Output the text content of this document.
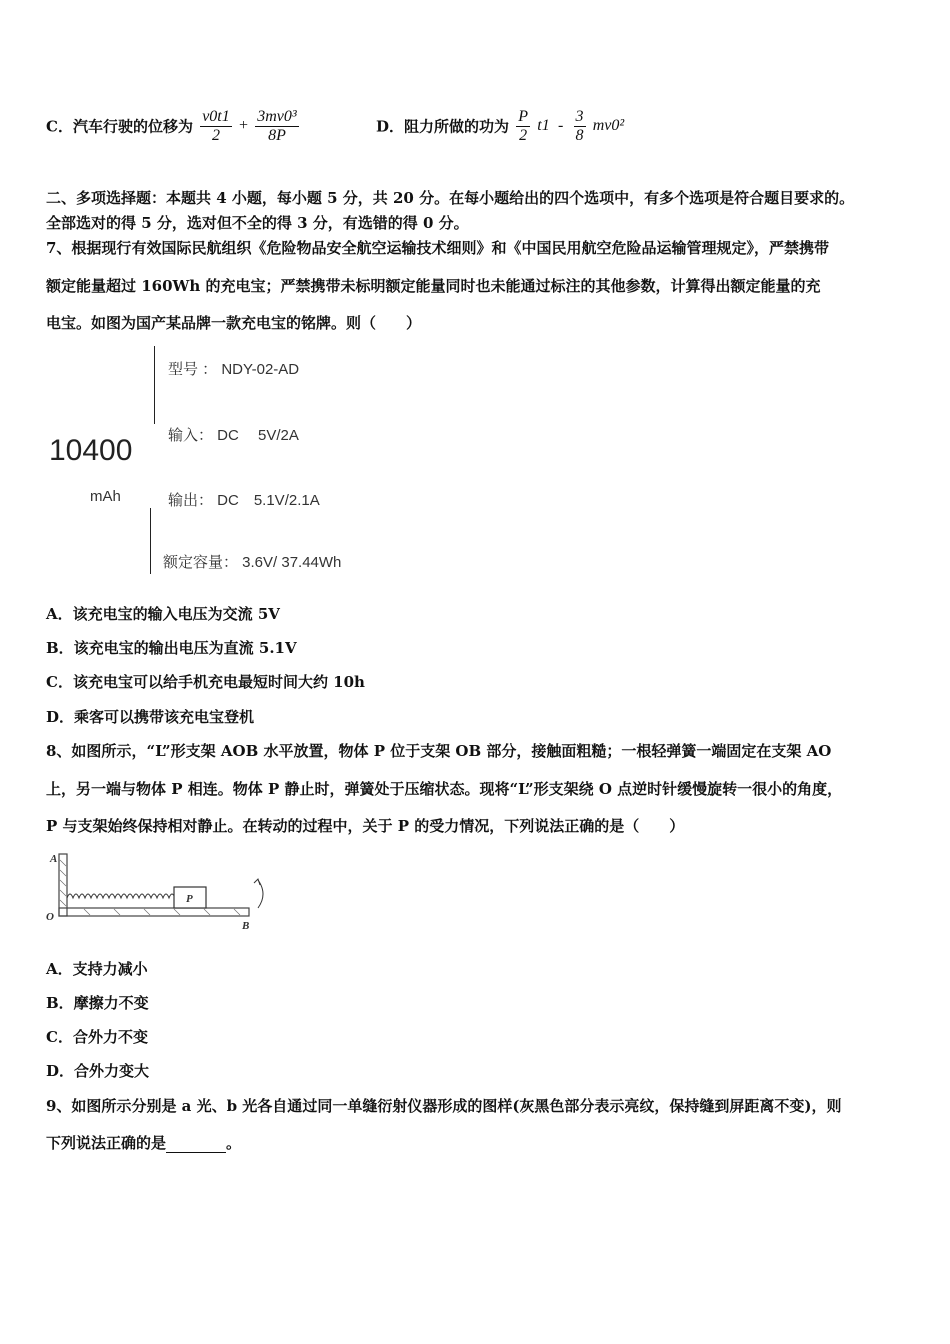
C．汽车行驶的位移为 $\frac{v0t1}{2} + \frac{\text{3mv0³}}{8P}$	D．阻力所做的功为 $\frac{P}{2} t1 - \frac{3}{8} mv0^2$
二、多项选择题：本题共 4 小题，每小题 5 分，共 20 分。在每小题给出的四个选项中，有多个选项是符合题目要求的。
全部选对的得 5 分，选对但不全的得 3 分，有选错的得 0 分。
7、根据现行有效国际民航组织《危险物品安全航空运输技术细则》和《中国民用航空危险品运输管理规定》，严禁携带
额定能量超过 160Wh 的充电宝；严禁携带未标明额定能量同时也未能通过标注的其他参数，计算得出额定能量的充
电宝。如图为国产某品牌一款充电宝的铭牌。则（　　）
10400
mAh
型号 ： NDY-02-AD
输入： DC　 5V/2A
输出： DC　5.1V/2.1A
额定容量： 3.6V/ 37.44Wh
A．该充电宝的输入电压为交流 5V
B．该充电宝的输出电压为直流 5.1V
C．该充电宝可以给手机充电最短时间大约 10h
D．乘客可以携带该充电宝登机
8、如图所示，“L”形支架 AOB 水平放置，物体 P 位于支架 OB 部分，接触面粗糙；一根轻弹簧一端固定在支架 AO
上，另一端与物体 P 相连。物体 P 静止时，弹簧处于压缩状态。现将“L”形支架绕 O 点逆时针缓慢旋转一很小的角度，
P 与支架始终保持相对静止。在转动的过程中，关于 P 的受力情况，下列说法正确的是（　　）
P
A
O
B
A．支持力减小
B．摩擦力不变
C．合外力不变
D．合外力变大
9、如图所示分别是 a 光、b 光各自通过同一单缝衍射仪器形成的图样(灰黑色部分表示亮纹，保持缝到屏距离不变)，则
下列说法正确的是	。
